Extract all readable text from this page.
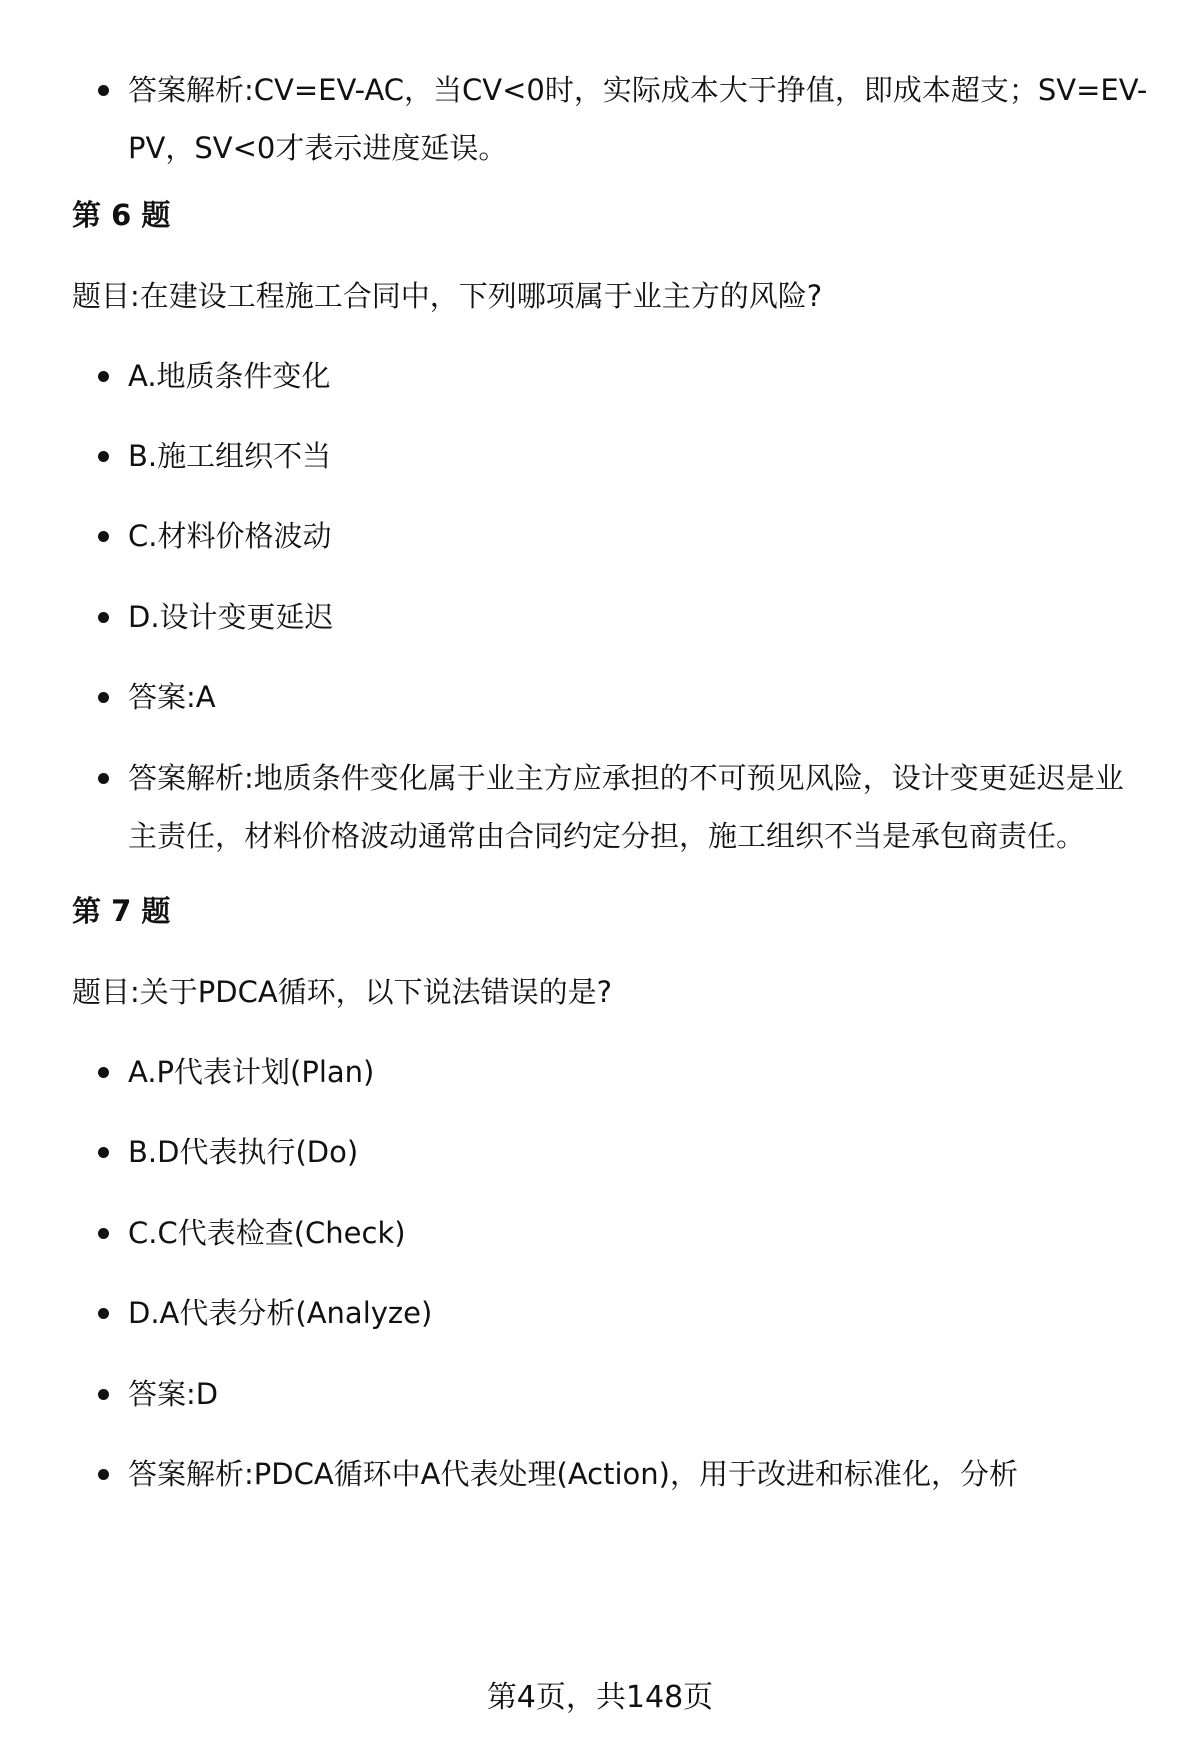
答案解析:CV=EV-AC，当CV<0时，实际成本大于挣值，即成本超支；SV=EV-PV，SV<0才表示进度延误。
第 6 题
题目:在建设工程施工合同中，下列哪项属于业主方的风险?
A.地质条件变化
B.施工组织不当
C.材料价格波动
D.设计变更延迟
答案:A
答案解析:地质条件变化属于业主方应承担的不可预见风险，设计变更延迟是业主责任，材料价格波动通常由合同约定分担，施工组织不当是承包商责任。
第 7 题
题目:关于PDCA循环，以下说法错误的是?
A.P代表计划(Plan)
B.D代表执行(Do)
C.C代表检查(Check)
D.A代表分析(Analyze)
答案:D
答案解析:PDCA循环中A代表处理(Action)，用于改进和标准化，分析
第4页，共148页
